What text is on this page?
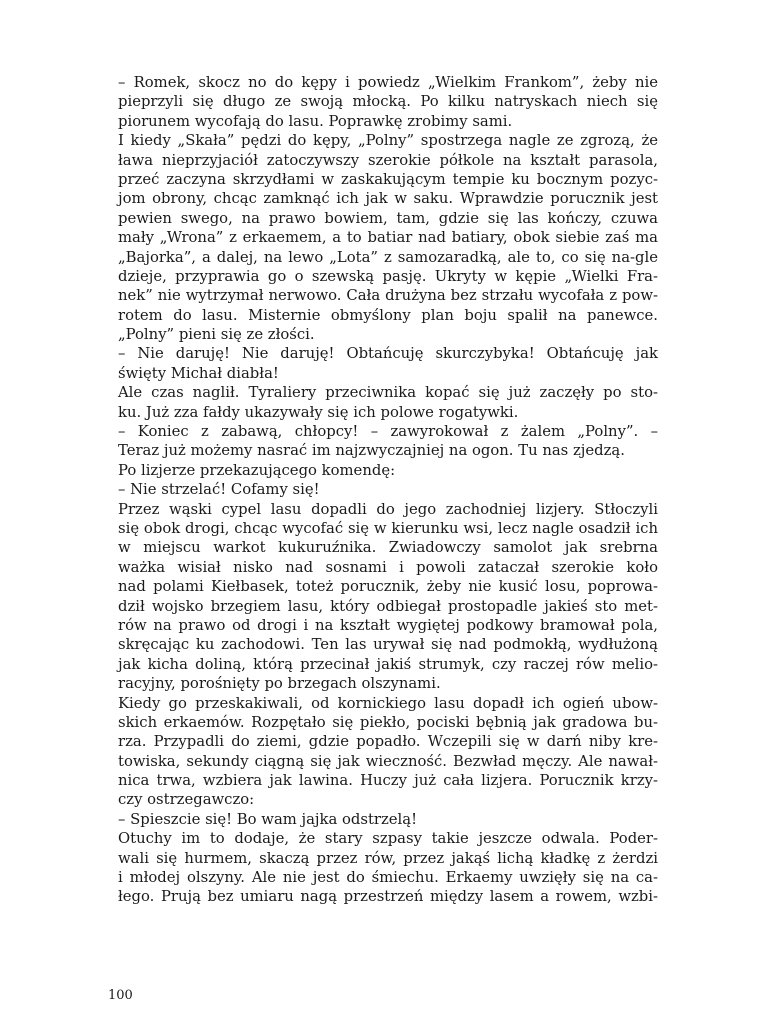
– Romek, skocz no do kępy i powiedz „Wielkim Frankom”, żeby nie
pieprzyli się długo ze swoją młocką. Po kilku natryskach niech się
piorunem wycofają do lasu. Poprawkę zrobimy sami.
I kiedy „Skała” pędzi do kępy, „Polny” spostrzega nagle ze zgrozą, że
ława nieprzyjaciół zatoczywszy szerokie półkole na kształt parasola,
przeć zaczyna skrzydłami w zaskakującym tempie ku bocznym pozyc-
jom obrony, chcąc zamknąć ich jak w saku. Wprawdzie porucznik jest
pewien swego, na prawo bowiem, tam, gdzie się las kończy, czuwa
mały „Wrona” z erkaemem, a to batiar nad batiary, obok siebie zaś ma
„Bajorka”, a dalej, na lewo „Lota” z samozaradką, ale to, co się na-gle
dzieje, przyprawia go o szewską pasję. Ukryty w kępie „Wielki Fra-
nek” nie wytrzymał nerwowo. Cała drużyna bez strzału wycofała z pow-
rotem do lasu. Misternie obmyślony plan boju spalił na panewce.
„Polny” pieni się ze złości.
– Nie daruję! Nie daruję! Obtańcuję skurczybyka! Obtańcuję jak
święty Michał diabła!
Ale czas naglił. Tyraliery przeciwnika kopać się już zaczęły po sto-
ku. Już zza fałdy ukazywały się ich polowe rogatywki.
– Koniec z zabawą, chłopcy! – zawyrokował z żalem „Polny”. –
Teraz już możemy nasrać im najzwyczajniej na ogon. Tu nas zjedzą.
Po lizjerze przekazującego komendę:
– Nie strzelać! Cofamy się!
Przez wąski cypel lasu dopadli do jego zachodniej lizjery. Stłoczyli
się obok drogi, chcąc wycofać się w kierunku wsi, lecz nagle osadził ich
w miejscu warkot kukuruźnika. Zwiadowczy samolot jak srebrna
ważka wisiał nisko nad sosnami i powoli zataczał szerokie koło
nad polami Kiełbasek, toteż porucznik, żeby nie kusić losu, poprowa-
dził wojsko brzegiem lasu, który odbiegał prostopadle jakieś sto met-
rów na prawo od drogi i na kształt wygiętej podkowy bramował pola,
skręcając ku zachodowi. Ten las urywał się nad podmokłą, wydłużoną
jak kicha doliną, którą przecinał jakiś strumyk, czy raczej rów melio-
racyjny, porośnięty po brzegach olszynami.
Kiedy go przeskakiwali, od kornickiego lasu dopadł ich ogień ubow-
skich erkaemów. Rozpętało się piekło, pociski bębnią jak gradowa bu-
rza. Przypadli do ziemi, gdzie popadło. Wczepili się w darń niby kre-
towiska, sekundy ciągną się jak wieczność. Bezwład męczy. Ale nawał-
nica trwa, wzbiera jak lawina. Huczy już cała lizjera. Porucznik krzy-
czy ostrzegawczo:
– Spieszcie się! Bo wam jajka odstrzelą!
Otuchy im to dodaje, że stary szpasy takie jeszcze odwala. Poder-
wali się hurmem, skaczą przez rów, przez jakąś lichą kładkę z żerdzi
i młodej olszyny. Ale nie jest do śmiechu. Erkaemy uwzięły się na ca-
łego. Prują bez umiaru nagą przestrzeń między lasem a rowem, wzbi-
100
